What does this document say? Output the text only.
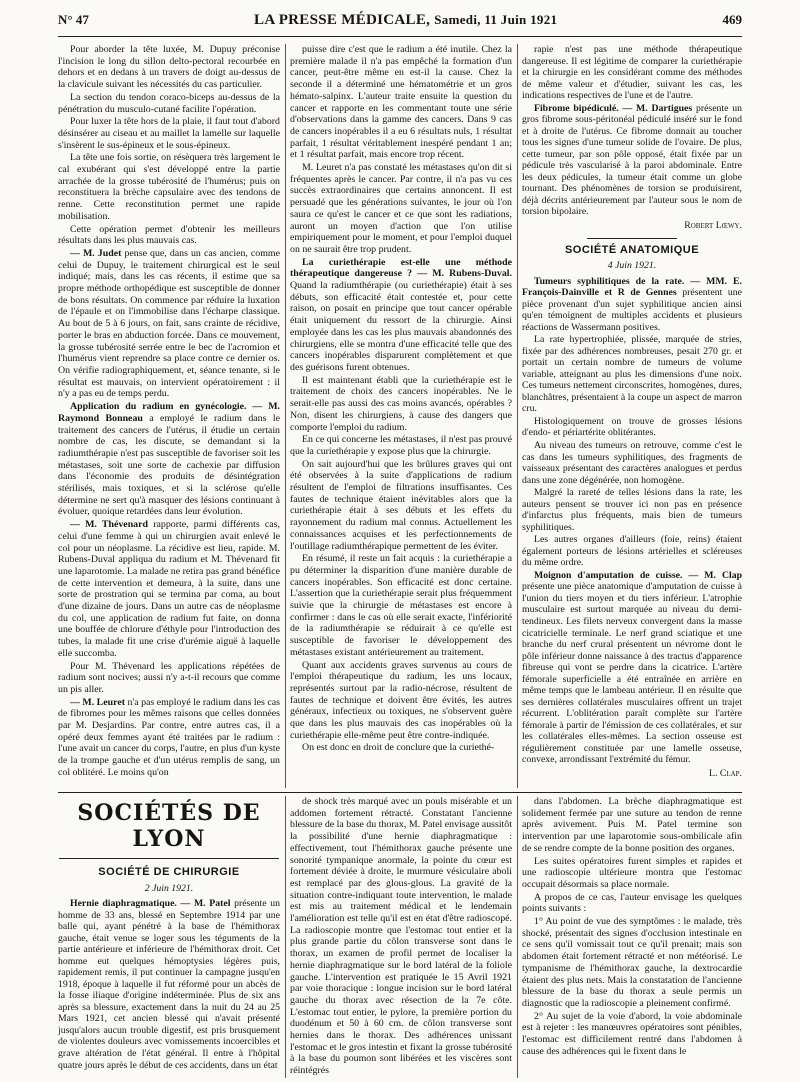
N° 47	LA PRESSE MÉDICALE, Samedi, 11 Juin 1921	469

Pour aborder la tête luxée, M. Dupuy préconise l'incision le long du sillon delto-pectoral recourbée en dehors et en dedans à un travers de doigt au-dessus de la clavicule suivant les nécessités du cas particulier.

La section du tendon coraco-biceps au-dessus de la pénétration du musculo-cutané facilite l'opération.

Pour luxer la tête hors de la plaie, il faut tout d'abord désinsérer au ciseau et au maillet la lamelle sur laquelle s'insèrent le sus-épineux et le sous-épineux.

La tête une fois sortie, on résèquera très largement le cal exubérant qui s'est développé entre la partie arrachée de la grosse tubérosité de l'humérus; puis on reconstituera la brèche capsulaire avec des tendons de renne. Cette reconstitution permet une rapide mobilisation.

Cette opération permet d'obtenir les meilleurs résultats dans les plus mauvais cas.

— M. Judet pense que, dans un cas ancien, comme celui de Dupuy, le traitement chirurgical est le seul indiqué; mais, dans les cas récents, il estime que sa propre méthode orthopédique est susceptible de donner de bons résultats. On commence par réduire la luxation de l'épaule et on l'immobilise dans l'écharpe classique. Au bout de 5 à 6 jours, on fait, sans crainte de récidive, porter le bras en abduction forcée. Dans ce mouvement, la grosse tubérosité serrée entre le bec de l'acromion et l'humérus vient reprendre sa place contre ce dernier os. On vérifie radiographiquement, et, séance tenante, si le résultat est mauvais, on intervient opératoirement : il n'y a pas eu de temps perdu.

Application du radium en gynécologie. — M. Raymond Bonneau a employé le radium dans le traitement des cancers de l'utérus, il étudie un certain nombre de cas, les discute, se demandant si la radiumthérapie n'est pas susceptible de favoriser soit les métastases, soit une sorte de cachexie par diffusion dans l'économie des produits de désintégration stérilisés, mais toxiques, et si la sclérose qu'elle détermine ne sert qu'à masquer des lésions continuant à évoluer, quoique retardées dans leur évolution.

— M. Thévenard rapporte, parmi différents cas, celui d'une femme à qui un chirurgien avait enlevé le col pour un néoplasme. La récidive est lieu, rapide. M. Rubens-Duval appliqua du radium et M. Thévenard fit une laparotomie. La malade ne retira pas grand bénéfice de cette intervention et demeura, à la suite, dans une sorte de prostration qui se termina par coma, au bout d'une dizaine de jours. Dans un autre cas de néoplasme du col, une application de radium fut faite, on donna une bouffée de chlorure d'éthyle pour l'introduction des tubes, la malade fit une crise d'urémie aiguë à laquelle elle succomba.

Pour M. Thévenard les applications répétées de radium sont nocives; aussi n'y a-t-il recours que comme un pis aller.

— M. Leuret n'a pas employé le radium dans les cas de fibromes pour les mêmes raisons que celles données par M. Desjardins. Par contre, entre autres cas, il a opéré deux femmes ayant été traitées par le radium : l'une avait un cancer du corps, l'autre, en plus d'un kyste de la trompe gauche et d'un utérus remplis de sang, un col oblitéré. Le moins qu'on

puisse dire c'est que le radium a été inutile. Chez la première malade il n'a pas empêché la formation d'un cancer, peut-être même en est-il la cause. Chez la seconde il a déterminé une hématométrie et un gros hémato-salpinx. L'auteur traite ensuite la question du cancer et rapporte en les commentant toute une série d'observations dans la gamme des cancers. Dans 9 cas de cancers inopérables il a eu 6 résultats nuls, 1 résultat parfait, 1 résultat véritablement inespéré pendant 1 an; et 1 résultat parfait, mais encore trop récent.

M. Leuret n'a pas constaté les métastases qu'on dit si fréquentes après le cancer. Par contre, il n'a pas vu ces succès extraordinaires que certains annoncent. Il est persuadé que les générations suivantes, le jour où l'on saura ce qu'est le cancer et ce que sont les radiations, auront un moyen d'action que l'on utilise empiriquement pour le moment, et pour l'emploi duquel on ne saurait être trop prudent.

La curiethérapie est-elle une méthode thérapeutique dangereuse ? — M. Rubens-Duval. Quand la radiumthérapie (ou curiethérapie) était à ses débuts, son efficacité était contestée et, pour cette raison, on posait en principe que tout cancer opérable était uniquement du ressort de la chirurgie. Ainsi employée dans les cas les plus mauvais abandonnés des chirurgiens, elle se montra d'une efficacité telle que des cancers inopérables disparurent complètement et que des guérisons furent obtenues.

Il est maintenant établi que la curiethérapie est le traitement de choix des cancers inopérables. Ne le serait-elle pas aussi des cas moins avancés, opérables ? Non, disent les chirurgiens, à cause des dangers que comporte l'emploi du radium.

En ce qui concerne les métastases, il n'est pas prouvé que la curiethérapie y expose plus que la chirurgie.

On sait aujourd'hui que les brûlures graves qui ont été observées à la suite d'applications de radium résultent de l'emploi de filtrations insuffisantes. Ces fautes de technique étaient inévitables alors que la curiethérapie était à ses débuts et les effets du rayonnement du radium mal connus. Actuellement les connaissances acquises et les perfectionnements de l'outillage radiumthérapique permettent de les éviter.

En résumé, il reste un fait acquis : la curiethérapie a pu déterminer la disparition d'une manière durable de cancers inopérables. Son efficacité est donc certaine. L'assertion que la curiethérapie serait plus fréquemment suivie que la chirurgie de métastases est encore à confirmer : dans le cas où elle serait exacte, l'infériorité de la radiumthérapie se réduirait à ce qu'elle est susceptible de favoriser le développement des métastases existant antérieurement au traitement.

Quant aux accidents graves survenus au cours de l'emploi thérapeutique du radium, les uns locaux, représentés surtout par la radio-nécrose, résultent de fautes de technique et doivent être évités, les autres généraux, infectieux ou toxiques, ne s'observent guère que dans les plus mauvais des cas inopérables où la curiethérapie elle-même peut être contre-indiquée.

On est donc en droit de conclure que la curiethé-

rapie n'est pas une méthode thérapeutique dangereuse. Il est légitime de comparer la curiethérapie et la chirurgie en les considérant comme des méthodes de même valeur et d'étudier, suivant les cas, les indications respectives de l'une et de l'autre.

Fibrome bipédiculé. — M. Dartigues présente un gros fibrome sous-péritonéal pédiculé inséré sur le fond et à droite de l'utérus. Ce fibrome donnait au toucher tous les signes d'une tumeur solide de l'ovaire. De plus, cette tumeur, par son pôle opposé, était fixée par un pédicule très vascularisé à la paroi abdominale. Entre les deux pédicules, la tumeur était comme un globe tournant. Des phénomènes de torsion se produisirent, déjà décrits antérieurement par l'auteur sous le nom de torsion bipolaire.

Robert Lœwy.

SOCIÉTÉ ANATOMIQUE

4 Juin 1921.

Tumeurs syphilitiques de la rate. — MM. E. François-Dainville et R de Gennes présentent une pièce provenant d'un sujet syphilitique ancien ainsi qu'en témoignent de multiples accidents et plusieurs réactions de Wassermann positives.

La rate hypertrophiée, plissée, marquée de stries, fixée par des adhérences nombreuses, pesait 270 gr. et portait un certain nombre de tumeurs de volume variable, atteignant au plus les dimensions d'une noix. Ces tumeurs nettement circonscrites, homogènes, dures, blanchâtres, présentaient à la coupe un aspect de marron cru.

Histologiquement on trouve de grosses lésions d'endo- et périartérite oblitérantes.

Au niveau des tumeurs on retrouve, comme c'est le cas dans les tumeurs syphilitiques, des fragments de vaisseaux présentant des caractères analogues et perdus dans une zone dégénérée, non homogène.

Malgré la rareté de telles lésions dans la rate, les auteurs pensent se trouver ici non pas en présence d'infarctus plus fréquents, mais bien de tumeurs syphilitiques.

Les autres organes d'ailleurs (foie, reins) étaient également porteurs de lésions artérielles et scléreuses du même ordre.

Moignon d'amputation de cuisse. — M. Clap présente une pièce anatomique d'amputation de cuisse à l'union du tiers moyen et du tiers inférieur. L'atrophie musculaire est surtout marquée au niveau du demi-tendineux. Les filets nerveux convergent dans la masse cicatricielle terminale. Le nerf grand sciatique et une branche du nerf crural présentent un névrome dont le pôle inférieur donne naissance à des tractus d'apparence fibreuse qui vont se perdre dans la cicatrice. L'artère fémorale superficielle a été entraînée en arrière en même temps que le lambeau antérieur. Il en résulte que ses dernières collatérales musculaires offrent un trajet récurrent. L'oblitération paraît complète sur l'artère fémorale à partir de l'émission de ces collatérales, et sur les collatérales elles-mêmes. La section osseuse est régulièrement constituée par une lamelle osseuse, convexe, arrondissant l'extrémité du fémur.

L. Clap.

SOCIÉTÉS DE LYON
SOCIÉTÉ DE CHIRURGIE

2 Juin 1921.

Hernie diaphragmatique. — M. Patel présente un homme de 33 ans, blessé en Septembre 1914 par une balle qui, ayant pénétré à la base de l'hémithorax gauche, était venue se loger sous les téguments de la partie antérieure et inférieure de l'hémithorax droit. Cet homme eut quelques hémoptysies légères puis, rapidement remis, il put continuer la campagne jusqu'en 1918, époque à laquelle il fut réformé pour un abcès de la fosse iliaque d'origine indéterminée. Plus de six ans après sa blessure, exactement dans la nuit du 24 au 25 Mars 1921, cet ancien blessé qui n'avait présenté jusqu'alors aucun trouble digestif, est pris brusquement de violentes douleurs avec vomissements incoercibles et grave altération de l'état général. Il entre à l'hôpital quatre jours après le début de ces accidents, dans un état

de shock très marqué avec un pouls misérable et un addomen fortement rétracté. Constatant l'ancienne blessure de la base du thorax, M. Patel envisage aussitôt la possibilité d'une hernie diaphragmatique : effectivement, tout l'hémithorax gauche présente une sonorité tympanique anormale, la pointe du cœur est fortement déviée à droite, le murmure vésiculaire aboli est remplacé par des glous-glous. La gravité de la situation contre-indiquant toute intervention, le malade est mis au traitement médical et le lendemain l'amélioration est telle qu'il est en état d'être radioscopé. La radioscopie montre que l'estomac tout entier et la plus grande partie du côlon transverse sont dans le thorax, un examen de profil permet de localiser la hernie diaphragmatique sur le bord latéral de la foliole gauche. L'intervention est pratiquée le 15 Avril 1921 par voie thoracique : longue incision sur le bord latéral gauche du thorax avec résection de la 7e côte. L'estomac tout entier, le pylore, la première portion du duodénum et 50 à 60 cm. de côlon transverse sont hernies dans le thorax. Des adhérences unissant l'estomac et le gros intestin et fixant la grosse tubérosité à la base du poumon sont libérées et les viscères sont réintégrés

dans l'abdomen. La brèche diaphragmatique est solidement fermée par une suture au tendon de renne après avivement. Puis M. Patel termine son intervention par une laparotomie sous-ombilicale afin de se rendre compte de la bonne position des organes.

Les suites opératoires furent simples et rapides et une radioscopie ultérieure montra que l'estomac occupait désormais sa place normale.

A propos de ce cas, l'auteur envisage les quelques points suivants :

1° Au point de vue des symptômes : le malade, très shocké, présentait des signes d'occlusion intestinale en ce sens qu'il vomissait tout ce qu'il prenait; mais son abdomen était fortement rétracté et non météorisé. Le tympanisme de l'hémithorax gauche, la dextrocardie étaient des plus nets. Mais la constatation de l'ancienne blessure de la base du thorax a seule permis un diagnostic que la radioscopie a pleinement confirmé.

2° Au sujet de la voie d'abord, la voie abdominale est à rejeter : les manœuvres opératoires sont pénibles, l'estomac est difficilement rentré dans l'abdomen à cause des adhérences qui le fixent dans le
